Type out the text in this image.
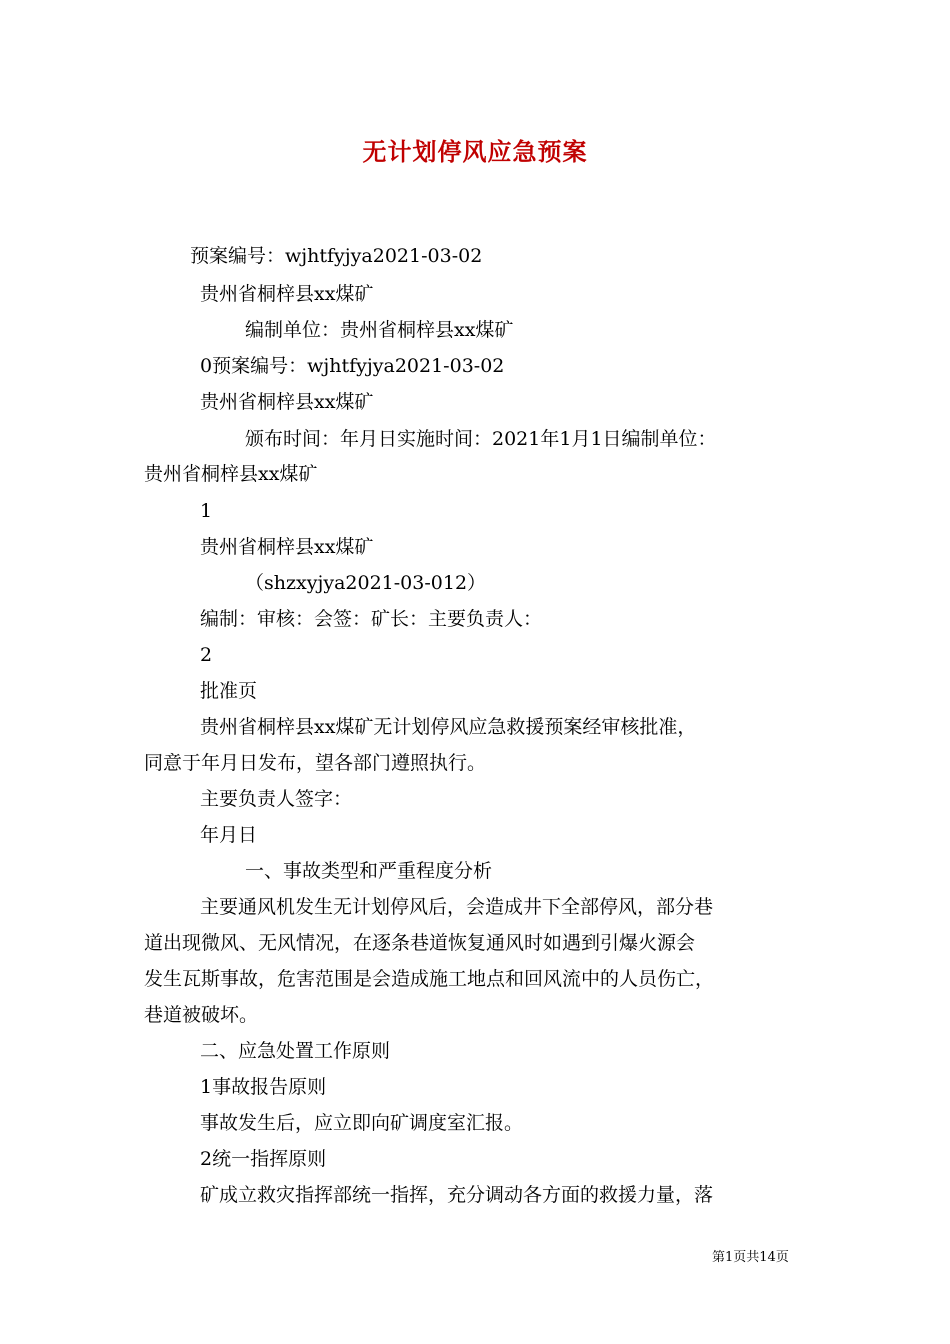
无计划停风应急预案
预案编号：wjhtfyjya2021-03-02
贵州省桐梓县xx煤矿
编制单位：贵州省桐梓县xx煤矿
0预案编号：wjhtfyjya2021-03-02
贵州省桐梓县xx煤矿
颁布时间：年月日实施时间：2021年1月1日编制单位：
贵州省桐梓县xx煤矿
1
贵州省桐梓县xx煤矿
（shzxyjya2021-03-012）
编制：审核：会签：矿长：主要负责人：
2
批准页
贵州省桐梓县xx煤矿无计划停风应急救援预案经审核批准，
同意于年月日发布，望各部门遵照执行。
主要负责人签字：
年月日
一、事故类型和严重程度分析
主要通风机发生无计划停风后，会造成井下全部停风，部分巷
道出现微风、无风情况，在逐条巷道恢复通风时如遇到引爆火源会
发生瓦斯事故，危害范围是会造成施工地点和回风流中的人员伤亡，
巷道被破坏。
二、应急处置工作原则
1事故报告原则
事故发生后，应立即向矿调度室汇报。
2统一指挥原则
矿成立救灾指挥部统一指挥，充分调动各方面的救援力量，落
第1页共14页
